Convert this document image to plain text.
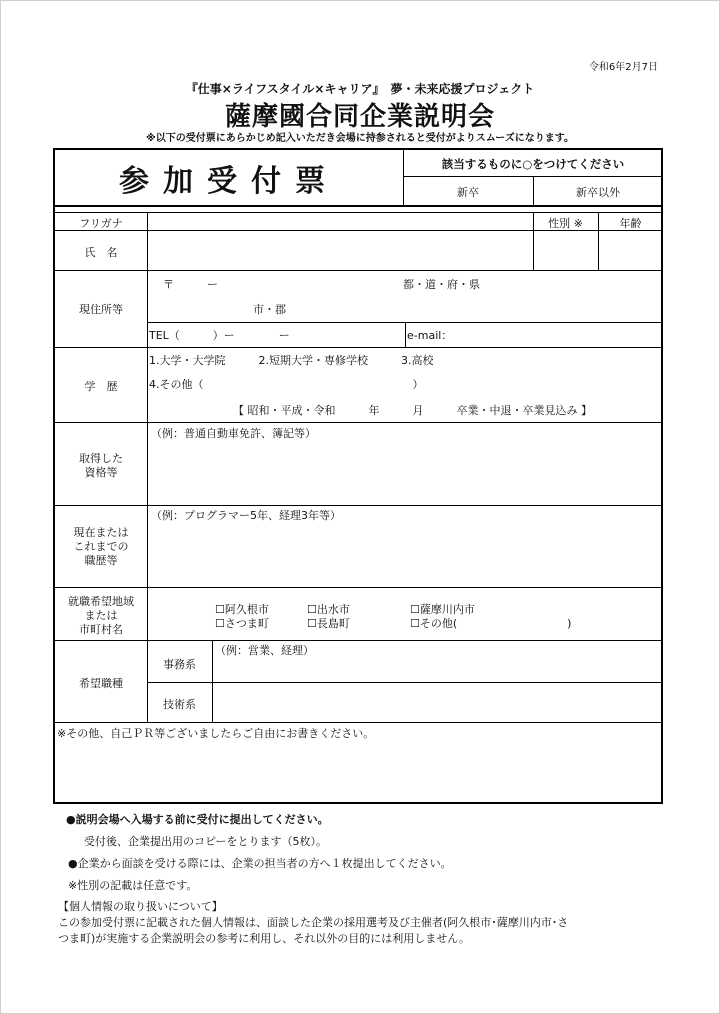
令和6年2月7日
『仕事×ライフスタイル×キャリア』　夢・未来応援プロジェクト
薩摩國合同企業説明会
※以下の受付票にあらかじめ記入いただき会場に持参されると受付がよりスムーズになります。
参加受付票	該当するものに○をつけてください
新卒	新卒以外
フリガナ	性別 ※	年齢
氏　名
現住所等
〒　　　ー	都・道・府・県
市・郡
TEL（　　　）ー　　　　ー	e-mail：
学　歴
1.大学・大学院　　　2.短期大学・専修学校　　　3.高校
4.その他（　　　　　　　　　　　　　　　　　　　）
【 昭和・平成・令和　　　年　　　月　　　卒業・中退・卒業見込み 】
取得した
資格等
（例：普通自動車免許、簿記等）
現在または
これまでの
職歴等
（例：プログラマー5年、経理3年等）
就職希望地域
または
市町村名
☐阿久根市	☐出水市	☐薩摩川内市
☐さつま町	☐長島町	☐その他(　　　　　　　　　　)
希望職種
事務系
（例：営業、経理）
技術系
※その他、自己ＰＲ等ございましたらご自由にお書きください。
●説明会場へ入場する前に受付に提出してください。
受付後、企業提出用のコピーをとります（5枚）。
●企業から面談を受ける際には、企業の担当者の方へ１枚提出してください。
※性別の記載は任意です。
【個人情報の取り扱いについて】
この参加受付票に記載された個人情報は、面談した企業の採用選考及び主催者(阿久根市･薩摩川内市･さ
つま町)が実施する企業説明会の参考に利用し、それ以外の目的には利用しません。
